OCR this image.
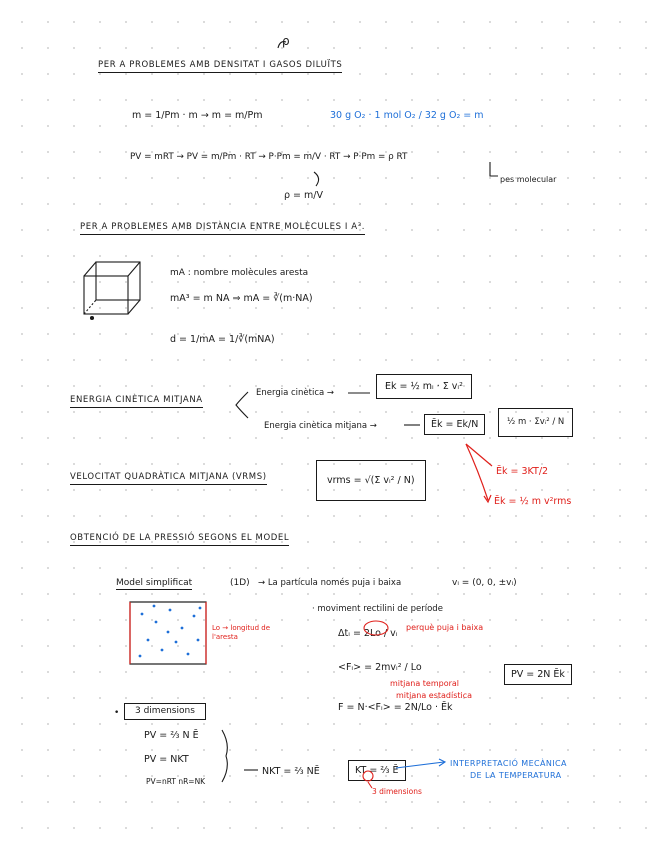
ρ
PER A PROBLEMES AMB DENSITAT I GASOS DILUÏTS
m = 1/Pm · m → m = m/Pm	30 g O₂ · 1 mol O₂ / 32 g O₂ = m
PV = mRT → PV = m/Pm · RT → P·Pm = m/V · RT → P·Pm = ρ RT
pes molecular
ρ = m/V
PER A PROBLEMES AMB DISTÀNCIA ENTRE MOLÈCULES I A³.
mA : nombre molècules aresta
mA³ = m NA ⇒ mA = ∛(m·NA)
d = 1/mA = 1/∛(mNA)
ENERGIA CINÈTICA MITJANA
Energia cinètica →
Ek = ½ mᵢ · Σ vᵢ²
Energia cinètica mitjana →	Ēk = Ek/N	½ m · Σvᵢ² / N
Ēk = 3KT/2
Ēk = ½ m v²rms
VELOCITAT QUADRÀTICA MITJANA (VRMS)	vrms = √(Σ vᵢ² / N)
OBTENCIÓ DE LA PRESSIÓ SEGONS EL MODEL
Model simplificat	(1D) → La partícula només puja i baixa	vᵢ = (0, 0, ±vᵢ)
Lo → longitud de l'aresta
· moviment rectilini de període
Δtᵢ = 2Lo / vᵢ
perquè puja i baixa
<Fᵢ> = 2mvᵢ² / Lo
mitjana temporal
mitjana estadística
F = N·<Fᵢ> = 2N/Lo · Ēk
PV = 2N Ēk
•	3 dimensions
PV = ⅔ N Ē
PV = NKT
PV=nRT nR=NK
NKT = ⅔ NĒ	KT = ⅔ Ē
3 dimensions
INTERPRETACIÓ MECÀNICA
DE LA TEMPERATURA
